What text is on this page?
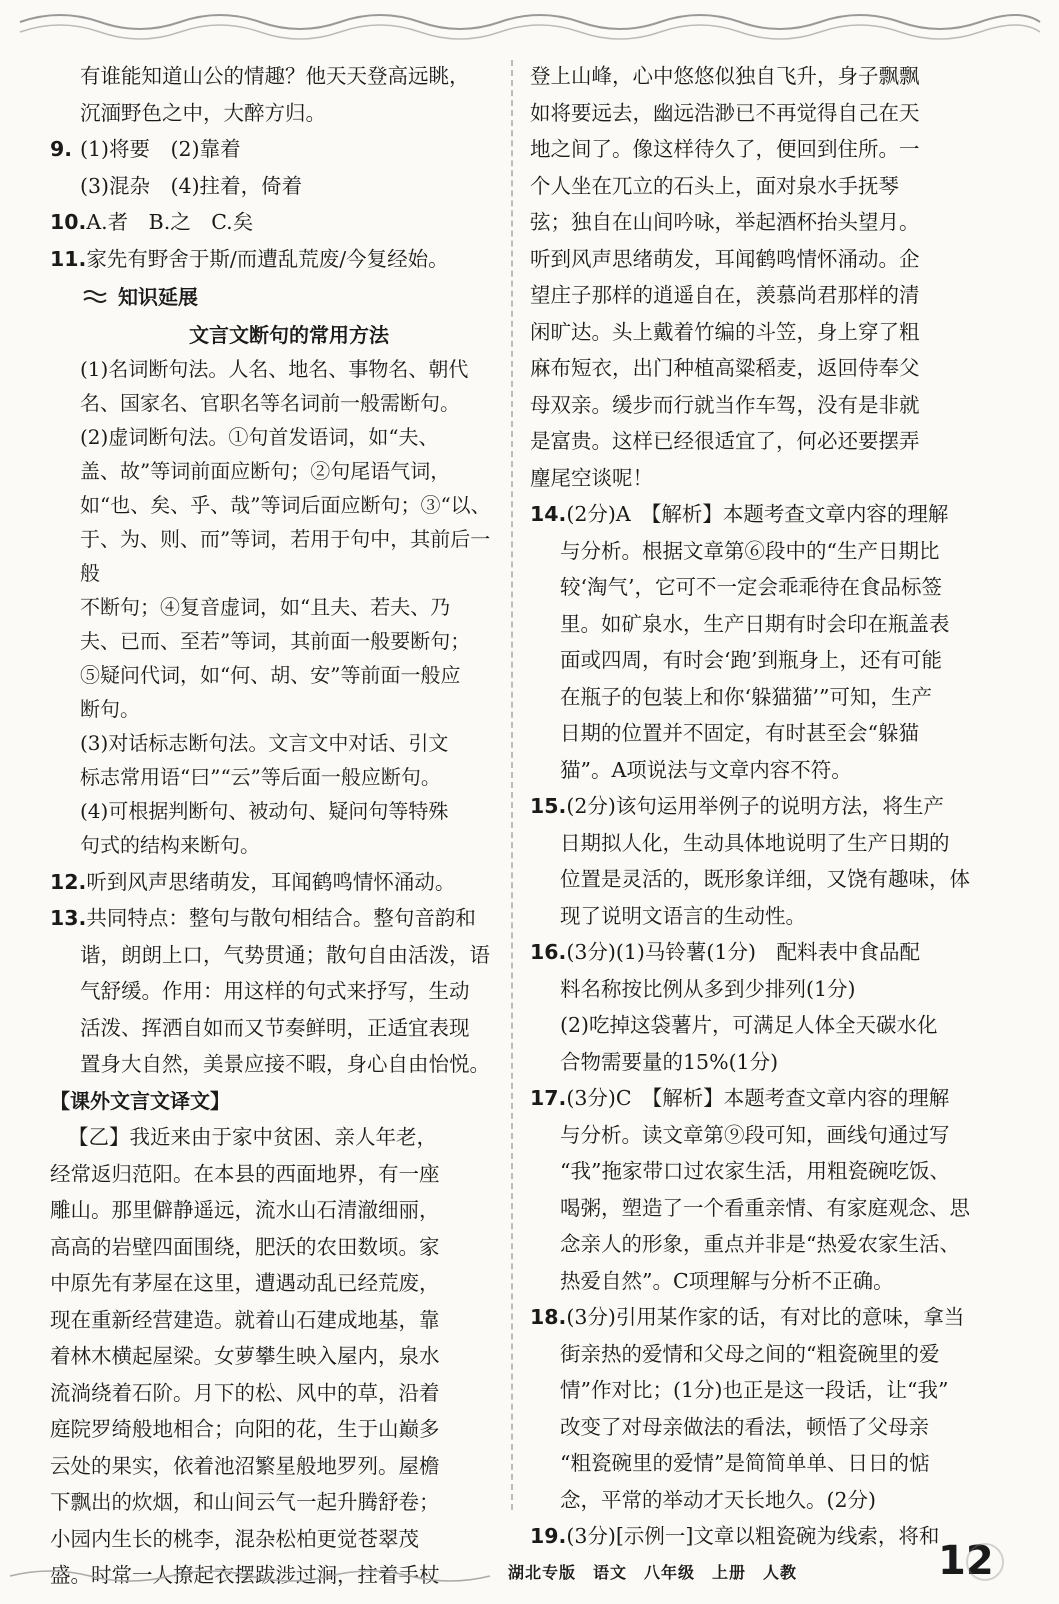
有谁能知道山公的情趣？他天天登高远眺，

沉湎野色之中，大醉方归。

9. (1)将要　(2)靠着

(3)混杂　(4)拄着，倚着

10. A.者　B.之　C.矣
11. 家先有野舍于斯/而遭乱荒废/今复经始。
知识延展

文言文断句的常用方法

(1)名词断句法。人名、地名、事物名、朝代

名、国家名、官职名等名词前一般需断句。

(2)虚词断句法。①句首发语词，如“夫、

盖、故”等词前面应断句；②句尾语气词，

如“也、矣、乎、哉”等词后面应断句；③“以、

于、为、则、而”等词，若用于句中，其前后一般

不断句；④复音虚词，如“且夫、若夫、乃

夫、已而、至若”等词，其前面一般要断句；

⑤疑问代词，如“何、胡、安”等前面一般应

断句。

(3)对话标志断句法。文言文中对话、引文

标志常用语“曰”“云”等后面一般应断句。

(4)可根据判断句、被动句、疑问句等特殊

句式的结构来断句。

12. 听到风声思绪萌发，耳闻鹤鸣情怀涌动。
13. 共同特点：整句与散句相结合。整句音韵和

谐，朗朗上口，气势贯通；散句自由活泼，语

气舒缓。作用：用这样的句式来抒写，生动

活泼、挥洒自如而又节奏鲜明，正适宜表现

置身大自然，美景应接不暇，身心自由怡悦。

【课外文言文译文】

【乙】我近来由于家中贫困、亲人年老，

经常返归范阳。在本县的西面地界，有一座

雕山。那里僻静遥远，流水山石清澈细丽，

高高的岩壁四面围绕，肥沃的农田数顷。家

中原先有茅屋在这里，遭遇动乱已经荒废，

现在重新经营建造。就着山石建成地基，靠

着林木横起屋梁。女萝攀生映入屋内，泉水

流淌绕着石阶。月下的松、风中的草，沿着

庭院罗绮般地相合；向阳的花，生于山巅多

云处的果实，依着池沼繁星般地罗列。屋檐

下飘出的炊烟，和山间云气一起升腾舒卷；

小园内生长的桃李，混杂松柏更觉苍翠茂

盛。时常一人撩起衣摆跋涉过涧，拄着手杖

登上山峰，心中悠悠似独自飞升，身子飘飘

如将要远去，幽远浩渺已不再觉得自己在天

地之间了。像这样待久了，便回到住所。一

个人坐在兀立的石头上，面对泉水手抚琴

弦；独自在山间吟咏，举起酒杯抬头望月。

听到风声思绪萌发，耳闻鹤鸣情怀涌动。企

望庄子那样的逍遥自在，羡慕尚君那样的清

闲旷达。头上戴着竹编的斗笠，身上穿了粗

麻布短衣，出门种植高粱稻麦，返回侍奉父

母双亲。缓步而行就当作车驾，没有是非就

是富贵。这样已经很适宜了，何必还要摆弄

麈尾空谈呢！

14. (2分)A　【解析】本题考查文章内容的理解

与分析。根据文章第⑥段中的“生产日期比

较‘淘气’，它可不一定会乖乖待在食品标签

里。如矿泉水，生产日期有时会印在瓶盖表

面或四周，有时会‘跑’到瓶身上，还有可能

在瓶子的包装上和你‘躲猫猫’”可知，生产

日期的位置并不固定，有时甚至会“躲猫

猫”。A项说法与文章内容不符。

15. (2分)该句运用举例子的说明方法，将生产

日期拟人化，生动具体地说明了生产日期的

位置是灵活的，既形象详细，又饶有趣味，体

现了说明文语言的生动性。

16. (3分)(1)马铃薯(1分)　配料表中食品配

料名称按比例从多到少排列(1分)

(2)吃掉这袋薯片，可满足人体全天碳水化

合物需要量的15%(1分)

17. (3分)C　【解析】本题考查文章内容的理解

与分析。读文章第⑨段可知，画线句通过写

“我”拖家带口过农家生活，用粗瓷碗吃饭、

喝粥，塑造了一个看重亲情、有家庭观念、思

念亲人的形象，重点并非是“热爱农家生活、

热爱自然”。C项理解与分析不正确。

18. (3分)引用某作家的话，有对比的意味，拿当

街亲热的爱情和父母之间的“粗瓷碗里的爱

情”作对比；(1分)也正是这一段话，让“我”

改变了对母亲做法的看法，顿悟了父母亲

“粗瓷碗里的爱情”是简简单单、日日的惦

念，平常的举动才天长地久。(2分)

19. (3分)[示例一]文章以粗瓷碗为线索，将和
湖北专版　语文　八年级　上册　人教	12
